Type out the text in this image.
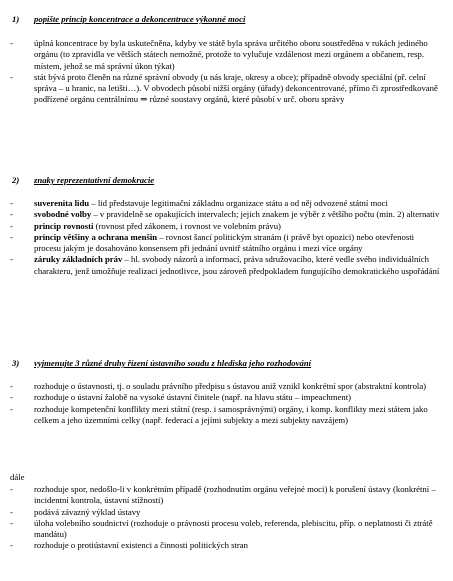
1) popište princip koncentrace a dekoncentrace výkonné moci
- úplná koncentrace by byla uskutečněna, kdyby ve státě byla správa určitého oboru soustředěna v rukách jediného orgánu (to zpravidla ve větších státech nemožné, protože to vylučuje vzdálenost mezi orgánem a občanem, resp. místem, jehož se má správní úkon týkat)
- stát bývá proto členěn na různé správní obvody (u nás kraje, okresy a obce); případně obvody speciální (př. celní správa – u hranic, na letišti…). V obvodech působí nižší orgány (úřady) dekoncentrované, přímo či zprostředkovaně podřízené orgánu centrálnímu ⇒ různé soustavy orgánů, které působí v urč. oboru správy
2) znaky reprezentativní demokracie
- suverenita lidu – lid představuje legitimační základnu organizace státu a od něj odvozené státní moci
- svobodné volby – v pravidelně se opakujících intervalech; jejich znakem je výběr z většího počtu (min. 2) alternativ
- princip rovnosti (rovnost před zákonem, i rovnost ve volebním právu)
- princip většiny a ochrana menšin – rovnost šancí politickým stranám (i právě byt opozici) nebo otevřenosti procesu jakým je dosahováno konsensem při jednání uvnitř státního orgánu i mezi více orgány
- záruky základních práv – hl. svobody názorů a informací, práva sdružovacího, které vedle svého individuálních charakteru, jenž umožňuje realizaci jednotlivce, jsou zároveň předpokladem fungujícího demokratického uspořádání
3) vyjmenujte 3 různé druhy řízení ústavního soudu z hlediska jeho rozhodování
- rozhoduje o ústavnosti, tj. o souladu právního předpisu s ústavou aniž vznikl konkrétní spor (abstraktní kontrola)
- rozhoduje o ústavní žalobě na vysoké ústavní činitele (např. na hlavu státu – impeachment)
- rozhoduje kompetenční konflikty mezi státní (resp. i samosprávnými) orgány, i komp. konflikty mezi státem jako celkem a jeho územními celky (např. federací a jejími subjekty a mezi subjekty navzájem)
dále
- rozhoduje spor, nedošlo-li v konkrétním případě (rozhodnutím orgánu veřejné moci) k porušení ústavy (konkrétní – incidentní kontrola, ústavní stížnosti)
- podává závazný výklad ústavy
- úloha volebního soudnictví (rozhoduje o právnosti procesu voleb, referenda, plebiscitu, příp. o neplatnosti či ztrátě mandátu)
- rozhoduje o protiústavní existenci a činnosti politických stran
